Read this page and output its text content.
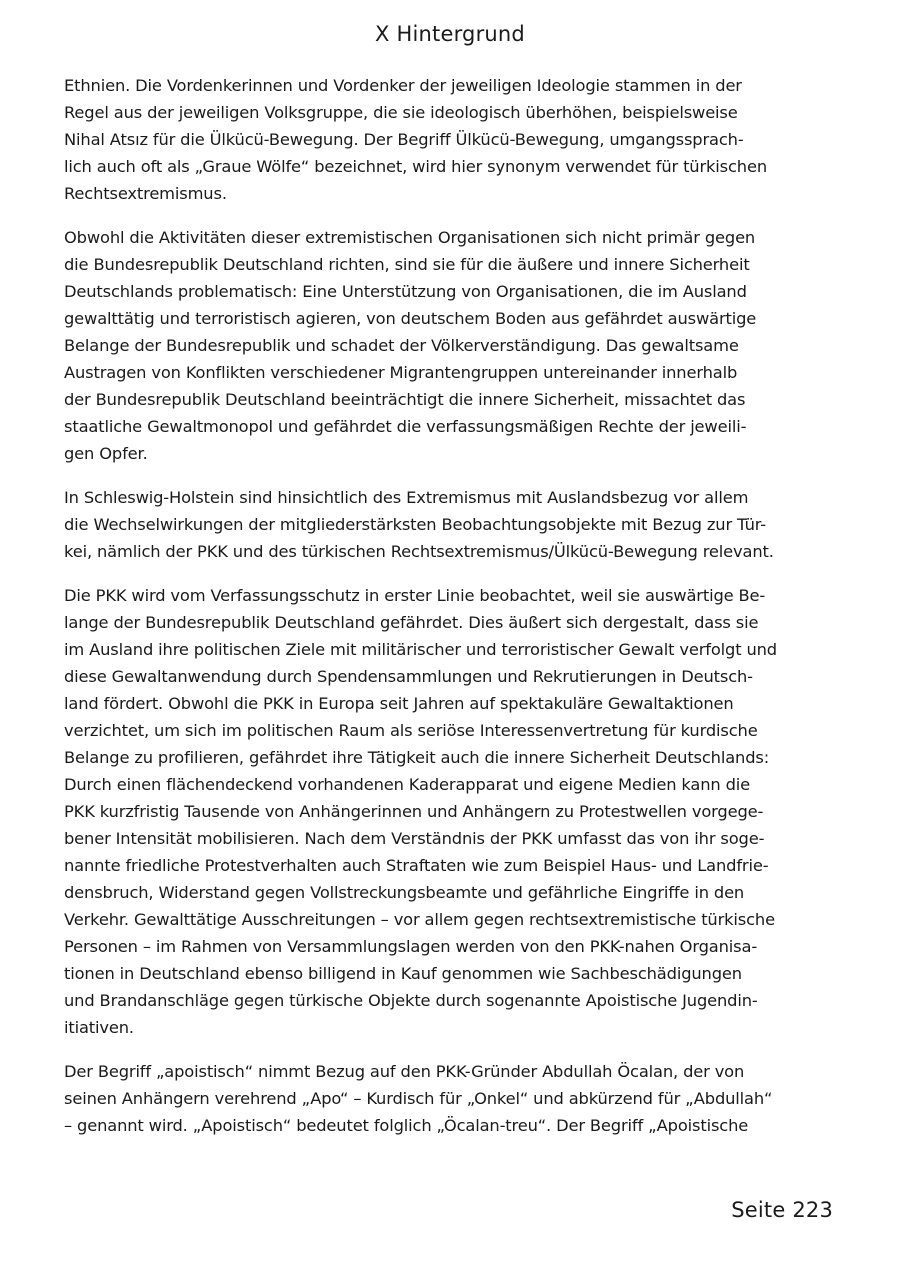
X Hintergrund

Ethnien. Die Vordenkerinnen und Vordenker der jeweiligen Ideologie stammen in der
Regel aus der jeweiligen Volksgruppe, die sie ideologisch überhöhen, beispielsweise
Nihal Atsız für die Ülkücü-Bewegung. Der Begriff Ülkücü-Bewegung, umgangssprach-
lich auch oft als „Graue Wölfe“ bezeichnet, wird hier synonym verwendet für türkischen
Rechtsextremismus.

Obwohl die Aktivitäten dieser extremistischen Organisationen sich nicht primär gegen
die Bundesrepublik Deutschland richten, sind sie für die äußere und innere Sicherheit
Deutschlands problematisch: Eine Unterstützung von Organisationen, die im Ausland
gewalttätig und terroristisch agieren, von deutschem Boden aus gefährdet auswärtige
Belange der Bundesrepublik und schadet der Völkerverständigung. Das gewaltsame
Austragen von Konflikten verschiedener Migrantengruppen untereinander innerhalb
der Bundesrepublik Deutschland beeinträchtigt die innere Sicherheit, missachtet das
staatliche Gewaltmonopol und gefährdet die verfassungsmäßigen Rechte der jeweili-
gen Opfer.

In Schleswig-Holstein sind hinsichtlich des Extremismus mit Auslandsbezug vor allem
die Wechselwirkungen der mitgliederstärksten Beobachtungsobjekte mit Bezug zur Tür-
kei, nämlich der PKK und des türkischen Rechtsextremismus/Ülkücü-Bewegung relevant.

Die PKK wird vom Verfassungsschutz in erster Linie beobachtet, weil sie auswärtige Be-
lange der Bundesrepublik Deutschland gefährdet. Dies äußert sich dergestalt, dass sie
im Ausland ihre politischen Ziele mit militärischer und terroristischer Gewalt verfolgt und
diese Gewaltanwendung durch Spendensammlungen und Rekrutierungen in Deutsch-
land fördert. Obwohl die PKK in Europa seit Jahren auf spektakuläre Gewaltaktionen
verzichtet, um sich im politischen Raum als seriöse Interessenvertretung für kurdische
Belange zu profilieren, gefährdet ihre Tätigkeit auch die innere Sicherheit Deutschlands:
Durch einen flächendeckend vorhandenen Kaderapparat und eigene Medien kann die
PKK kurzfristig Tausende von Anhängerinnen und Anhängern zu Protestwellen vorgege-
bener Intensität mobilisieren. Nach dem Verständnis der PKK umfasst das von ihr soge-
nannte friedliche Protestverhalten auch Straftaten wie zum Beispiel Haus- und Landfrie-
densbruch, Widerstand gegen Vollstreckungsbeamte und gefährliche Eingriffe in den
Verkehr. Gewalttätige Ausschreitungen – vor allem gegen rechtsextremistische türkische
Personen – im Rahmen von Versammlungslagen werden von den PKK-nahen Organisa-
tionen in Deutschland ebenso billigend in Kauf genommen wie Sachbeschädigungen
und Brandanschläge gegen türkische Objekte durch sogenannte Apoistische Jugendin-
itiativen.

Der Begriff „apoistisch“ nimmt Bezug auf den PKK-Gründer Abdullah Öcalan, der von
seinen Anhängern verehrend „Apo“ – Kurdisch für „Onkel“ und abkürzend für „Abdullah“
– genannt wird. „Apoistisch“ bedeutet folglich „Öcalan-treu“. Der Begriff „Apoistische

Seite 223
